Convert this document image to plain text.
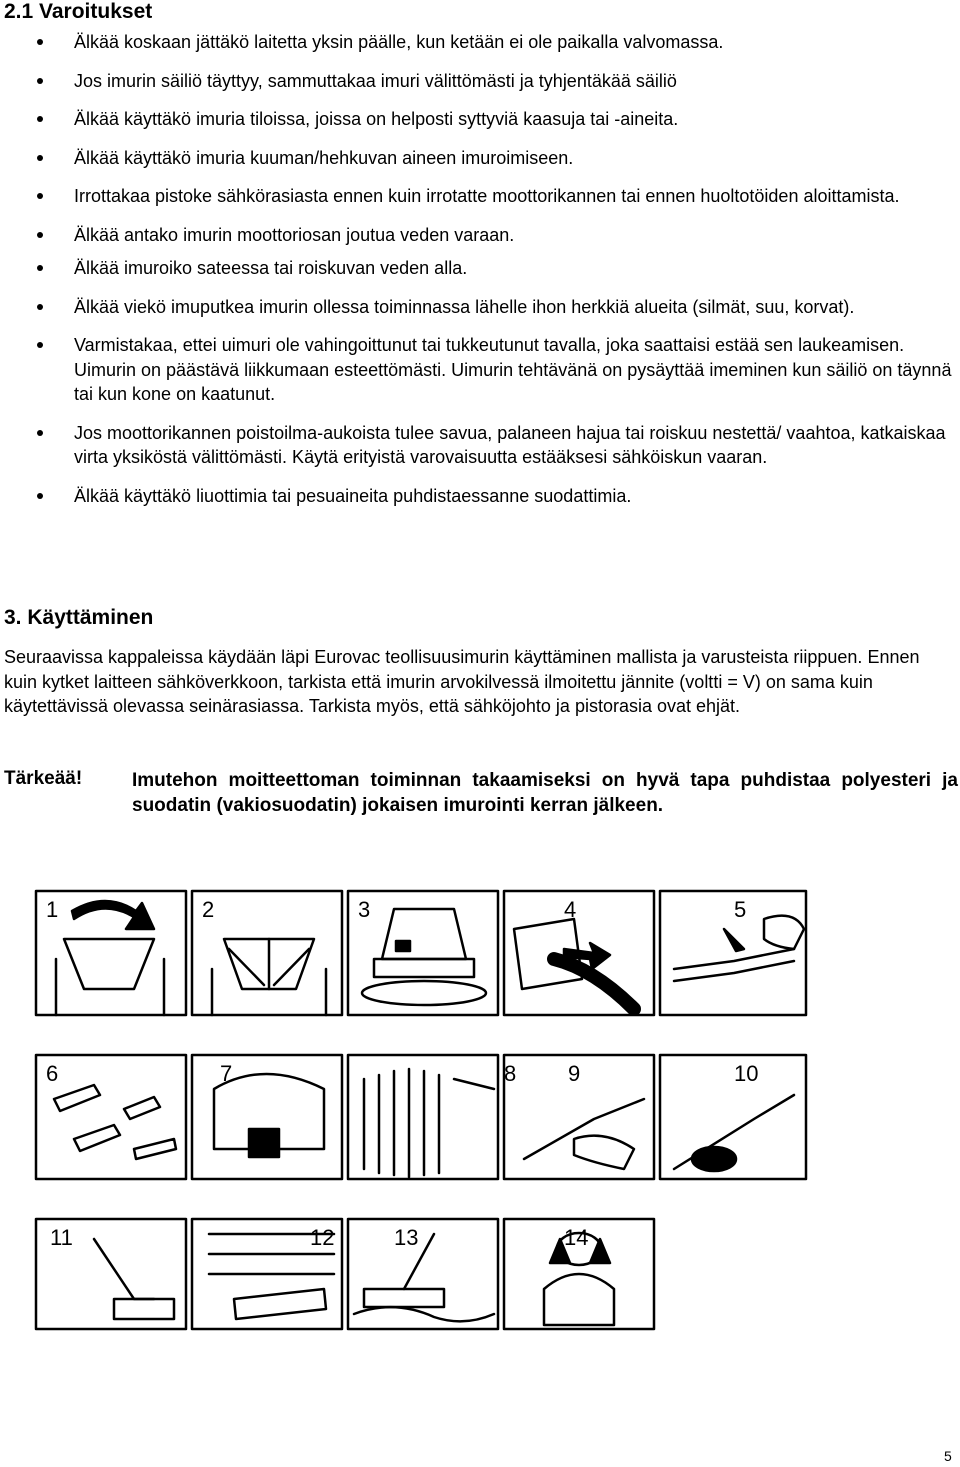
2.1 Varoitukset
Älkää koskaan jättäkö laitetta yksin päälle, kun ketään ei ole paikalla valvomassa.
Jos imurin säiliö täyttyy, sammuttakaa imuri välittömästi ja tyhjentäkää säiliö
Älkää käyttäkö imuria tiloissa, joissa on helposti syttyviä kaasuja tai -aineita.
Älkää käyttäkö imuria kuuman/hehkuvan aineen imuroimiseen.
Irrottakaa pistoke sähkörasiasta ennen kuin irrotatte moottorikannen tai ennen huoltotöiden aloittamista.
Älkää antako imurin moottoriosan joutua veden varaan.
Älkää imuroiko sateessa tai roiskuvan veden alla.
Älkää viekö imuputkea imurin ollessa toiminnassa lähelle ihon herkkiä alueita (silmät, suu, korvat).
Varmistakaa, ettei uimuri ole vahingoittunut tai tukkeutunut tavalla, joka saattaisi estää sen laukeamisen. Uimurin on päästävä liikkumaan esteettömästi. Uimurin tehtävänä on pysäyttää imeminen kun säiliö on täynnä tai kun kone on kaatunut.
Jos moottorikannen poistoilma-aukoista tulee savua, palaneen hajua tai roiskuu nestettä/ vaahtoa, katkaiskaa virta yksiköstä välittömästi. Käytä erityistä varovaisuutta estääksesi sähköiskun vaaran.
Älkää käyttäkö liuottimia tai pesuaineita puhdistaessanne suodattimia.
3. Käyttäminen

Seuraavissa kappaleissa käydään läpi Eurovac teollisuusimurin käyttäminen mallista ja varusteista riippuen. Ennen kuin kytket laitteen sähköverkkoon, tarkista että imurin arvokilvessä ilmoitettu jännite (voltti = V) on sama kuin käytettävissä olevassa seinärasiassa. Tarkista myös, että sähköjohto ja pistorasia ovat ehjät.

Tärkeää!	Imutehon moitteettoman toiminnan takaamiseksi on hyvä tapa puhdistaa polyesteri ja suodatin (vakiosuodatin) jokaisen imurointi kerran jälkeen.

1	2	3	4	5
6	7	8 9	10
11	12	13	14
5
